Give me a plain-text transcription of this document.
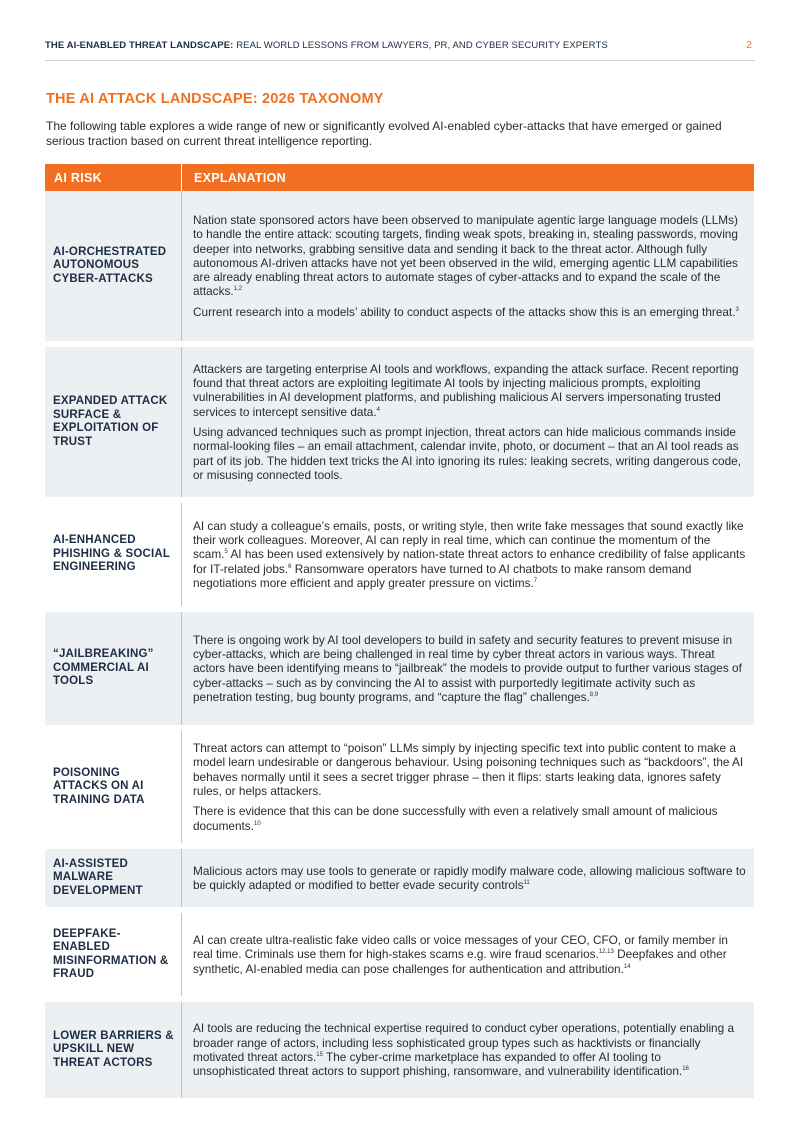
THE AI-ENABLED THREAT LANDSCAPE: REAL WORLD LESSONS FROM LAWYERS, PR, AND CYBER SECURITY EXPERTS	2
THE AI ATTACK LANDSCAPE: 2026 TAXONOMY

The following table explores a wide range of new or significantly evolved AI-enabled cyber-attacks that have emerged or gained serious traction based on current threat intelligence reporting.

AI RISK	EXPLANATION
AI-ORCHESTRATED AUTONOMOUS CYBER-ATTACKS

Nation state sponsored actors have been observed to manipulate agentic large language models (LLMs) to handle the entire attack: scouting targets, finding weak spots, breaking in, stealing passwords, moving deeper into networks, grabbing sensitive data and sending it back to the threat actor. Although fully autonomous AI-driven attacks have not yet been observed in the wild, emerging agentic LLM capabilities are already enabling threat actors to automate stages of cyber-attacks and to expand the scale of the attacks.$^{1,2}$

Current research into a models’ ability to conduct aspects of the attacks show this is an emerging threat.$^3$

EXPANDED ATTACK SURFACE & EXPLOITATION OF TRUST

Attackers are targeting enterprise AI tools and workflows, expanding the attack surface. Recent reporting found that threat actors are exploiting legitimate AI tools by injecting malicious prompts, exploiting vulnerabilities in AI development platforms, and publishing malicious AI servers impersonating trusted services to intercept sensitive data.$^4$

Using advanced techniques such as prompt injection, threat actors can hide malicious commands inside normal-looking files – an email attachment, calendar invite, photo, or document – that an AI tool reads as part of its job. The hidden text tricks the AI into ignoring its rules: leaking secrets, writing dangerous code, or misusing connected tools.

AI-ENHANCED PHISHING & SOCIAL ENGINEERING

AI can study a colleague’s emails, posts, or writing style, then write fake messages that sound exactly like their work colleagues. Moreover, AI can reply in real time, which can continue the momentum of the scam.$^5$ AI has been used extensively by nation-state threat actors to enhance credibility of false applicants for IT-related jobs.$^6$ Ransomware operators have turned to AI chatbots to make ransom demand negotiations more efficient and apply greater pressure on victims.$^7$

“JAILBREAKING” COMMERCIAL AI TOOLS

There is ongoing work by AI tool developers to build in safety and security features to prevent misuse in cyber-attacks, which are being challenged in real time by cyber threat actors in various ways. Threat actors have been identifying means to “jailbreak” the models to provide output to further various stages of cyber-attacks – such as by convincing the AI to assist with purportedly legitimate activity such as penetration testing, bug bounty programs, and “capture the flag” challenges.$^{8,9}$

POISONING ATTACKS ON AI TRAINING DATA

Threat actors can attempt to “poison” LLMs simply by injecting specific text into public content to make a model learn undesirable or dangerous behaviour. Using poisoning techniques such as “backdoors”, the AI behaves normally until it sees a secret trigger phrase – then it flips: starts leaking data, ignores safety rules, or helps attackers.

There is evidence that this can be done successfully with even a relatively small amount of malicious documents.$^{10}$

AI-ASSISTED MALWARE DEVELOPMENT

Malicious actors may use tools to generate or rapidly modify malware code, allowing malicious software to be quickly adapted or modified to better evade security controls$^{11}$

DEEPFAKE-ENABLED MISINFORMATION & FRAUD

AI can create ultra-realistic fake video calls or voice messages of your CEO, CFO, or family member in real time. Criminals use them for high-stakes scams e.g. wire fraud scenarios.$^{12,13}$ Deepfakes and other synthetic, AI-enabled media can pose challenges for authentication and attribution.$^{14}$

LOWER BARRIERS & UPSKILL NEW THREAT ACTORS

AI tools are reducing the technical expertise required to conduct cyber operations, potentially enabling a broader range of actors, including less sophisticated group types such as hacktivists or financially motivated threat actors.$^{15}$ The cyber-crime marketplace has expanded to offer AI tooling to unsophisticated threat actors to support phishing, ransomware, and vulnerability identification.$^{16}$
